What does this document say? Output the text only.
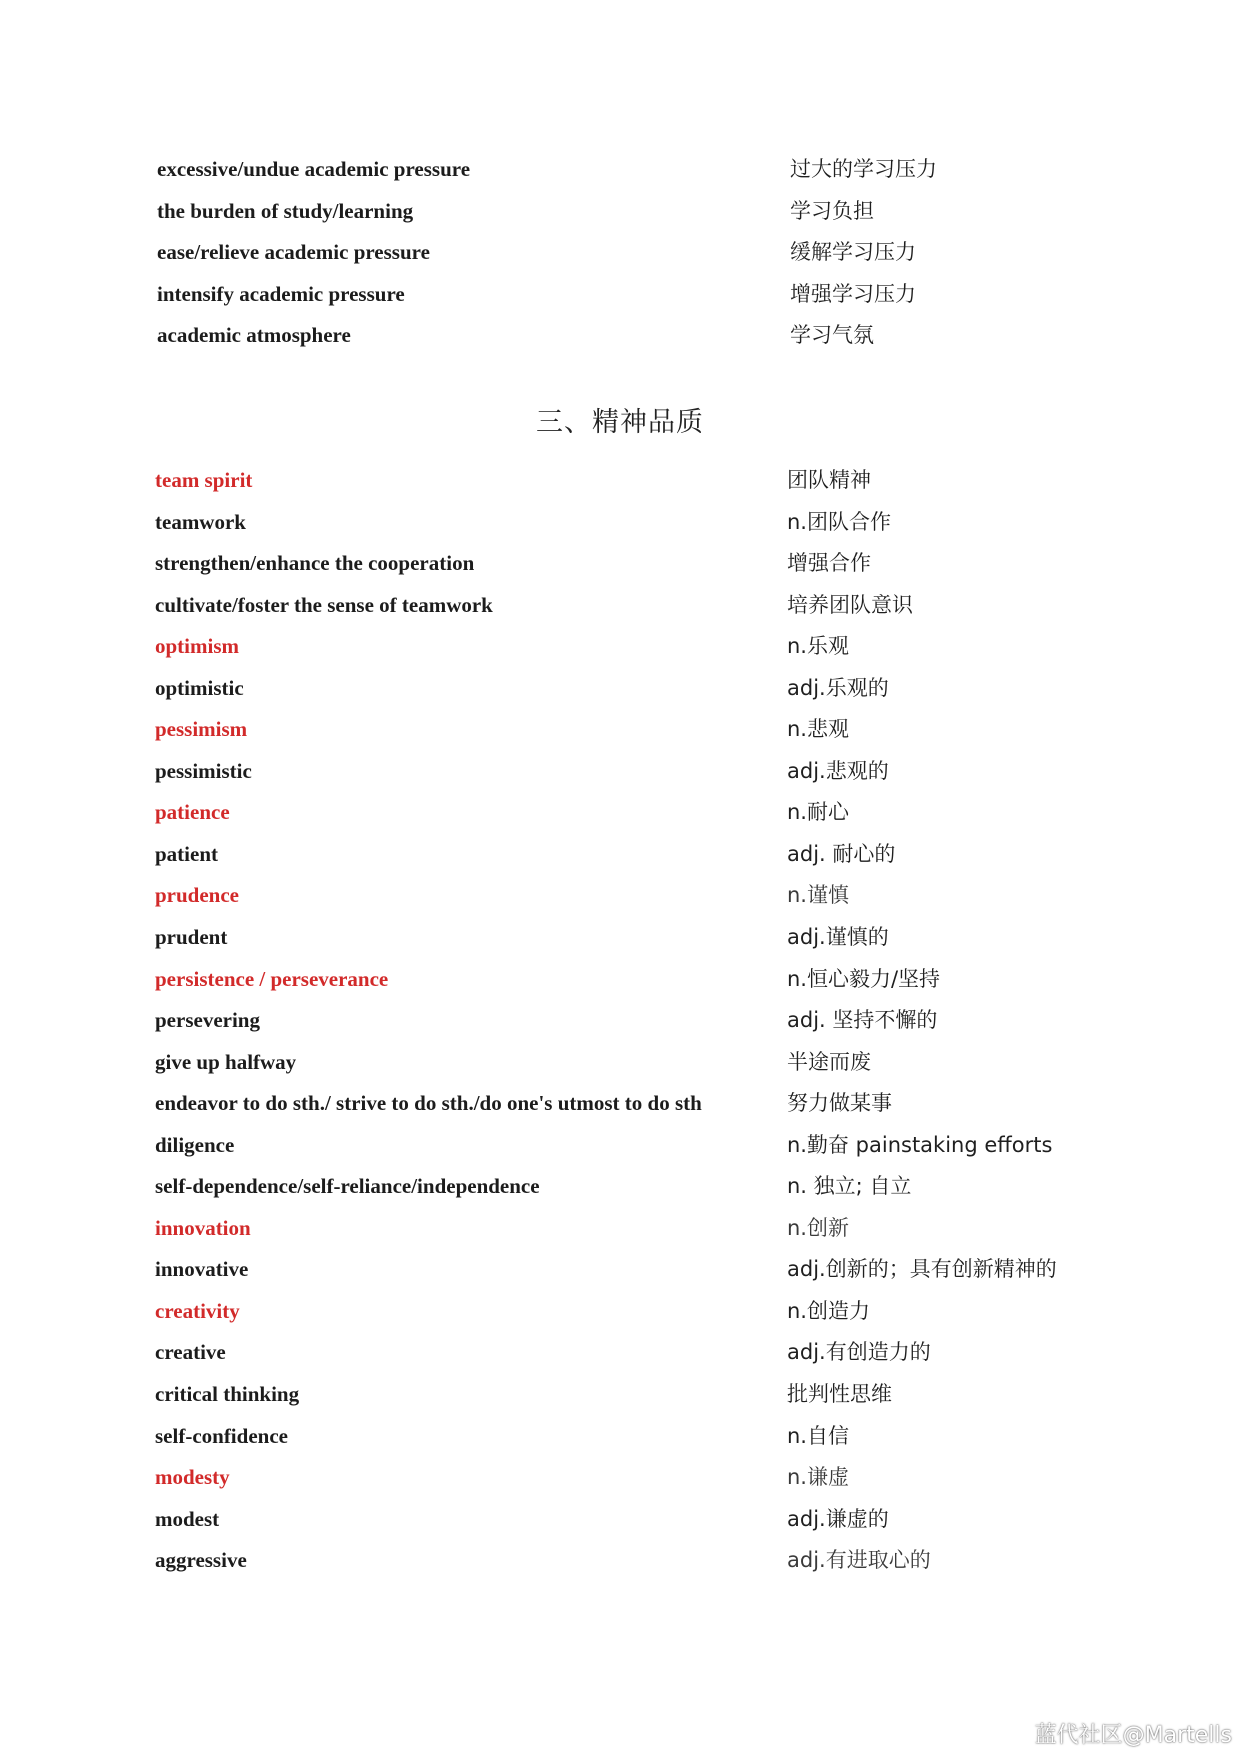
excessive/undue academic pressure	过大的学习压力
the burden of study/learning	学习负担
ease/relieve academic pressure	缓解学习压力
intensify academic pressure	增强学习压力
academic atmosphere	学习气氛
三、精神品质
team spirit	团队精神
teamwork	n.团队合作
strengthen/enhance the cooperation	增强合作
cultivate/foster the sense of teamwork	培养团队意识
optimism	n.乐观
optimistic	adj.乐观的
pessimism	n.悲观
pessimistic	adj.悲观的
patience	n.耐心
patient	adj. 耐心的
prudence	n.谨慎
prudent	adj.谨慎的
persistence / perseverance	n.恒心毅力/坚持
persevering	adj. 坚持不懈的
give up halfway	半途而废
endeavor to do sth./ strive to do sth./do one's utmost to do sth	努力做某事
diligence	n.勤奋 painstaking efforts
self-dependence/self-reliance/independence	n. 独立; 自立
innovation	n.创新
innovative	adj.创新的；具有创新精神的
creativity	n.创造力
creative	adj.有创造力的
critical thinking	批判性思维
self-confidence	n.自信
modesty	n.谦虚
modest	adj.谦虚的
aggressive	adj.有进取心的
蓝代社区@Martells
